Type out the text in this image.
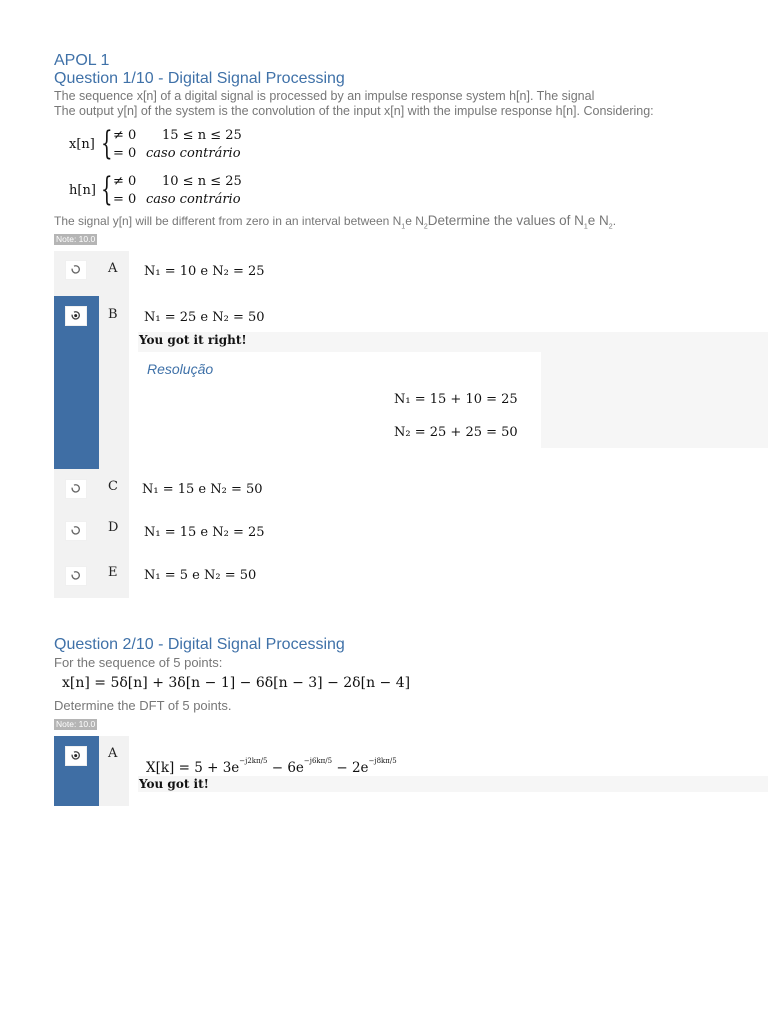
APOL 1
Question 1/10 - Digital Signal Processing
The sequence x[n] of a digital signal is processed by an impulse response system h[n]. The signal
The output y[n] of the system is the convolution of the input x[n] with the impulse response h[n]. Considering:
x[n] { ≠ 0 15 ≤ n ≤ 25
= 0 caso contrário
h[n] { ≠ 0 10 ≤ n ≤ 25
= 0 caso contrário
The signal y[n] will be different from zero in an interval between $N_1e$ $N_2Determine$ the values of $N_1e$ $N_2$.
Note: 10.0
A N₁ = 10 e N₂ = 25
B N₁ = 25 e N₂ = 50
You got it right!
Resolução
N₁ = 15 + 10 = 25
N₂ = 25 + 25 = 50
C N₁ = 15 e N₂ = 50
D N₁ = 15 e N₂ = 25
E N₁ = 5 e N₂ = 50
Question 2/10 - Digital Signal Processing
For the sequence of 5 points:
x[n] = 5δ[n] + 3δ[n − 1] − 6δ[n − 3] − 2δ[n − 4]
Determine the DFT of 5 points.
Note: 10.0
A
$X[k] = 5 + 3e^{-j2k\pi/5} - 6e^{-j6k\pi/5} - 2e^{-j8k\pi/5}$
You got it!
